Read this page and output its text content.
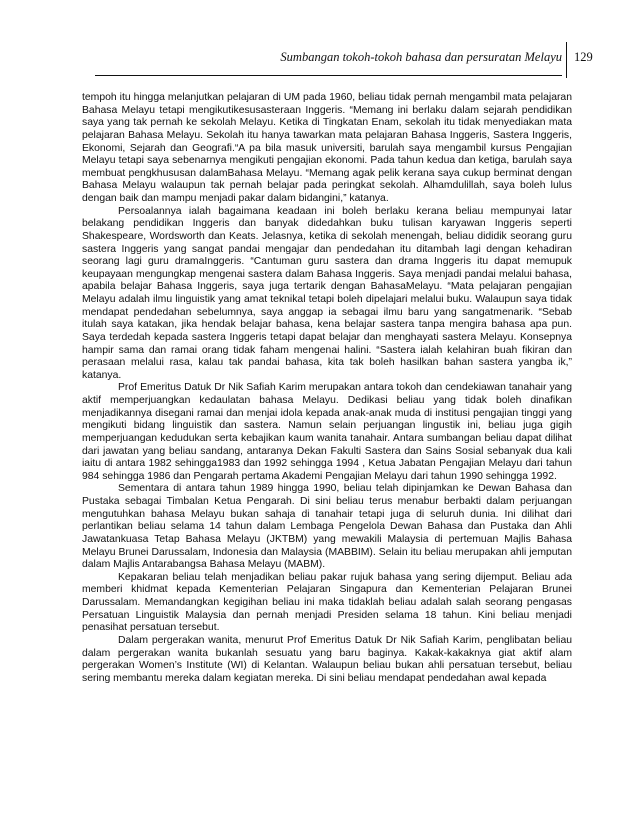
Sumbangan tokoh-tokoh bahasa dan persuratan Melayu 129

tempoh itu hingga melanjutkan pelajaran di UM pada 1960, beliau tidak pernah mengambil mata pelajaran Bahasa Melayu tetapi mengikutikesusasteraan Inggeris. “Memang ini berlaku dalam sejarah pendidikan saya yang tak pernah ke sekolah Melayu. Ketika di Tingkatan Enam, sekolah itu tidak menyediakan mata pelajaran Bahasa Melayu. Sekolah itu hanya tawarkan mata pelajaran Bahasa Inggeris, Sastera Inggeris, Ekonomi, Sejarah dan Geografi.“A pa bila masuk universiti, barulah saya mengambil kursus Pengajian Melayu tetapi saya sebenarnya mengikuti pengajian ekonomi. Pada tahun kedua dan ketiga, barulah saya membuat pengkhususan dalamBahasa Melayu. “Memang agak pelik kerana saya cukup berminat dengan Bahasa Melayu walaupun tak pernah belajar pada peringkat sekolah. Alhamdulillah, saya boleh lulus dengan baik dan mampu menjadi pakar dalam bidangini,” katanya.

Persoalannya ialah bagaimana keadaan ini boleh berlaku kerana beliau mempunyai latar belakang pendidikan Inggeris dan banyak didedahkan buku tulisan karyawan Inggeris seperti Shakespeare, Wordsworth dan Keats. Jelasnya, ketika di sekolah menengah, beliau dididik seorang guru sastera Inggeris yang sangat pandai mengajar dan pendedahan itu ditambah lagi dengan kehadiran seorang lagi guru dramaInggeris. “Cantuman guru sastera dan drama Inggeris itu dapat memupuk keupayaan mengungkap mengenai sastera dalam Bahasa Inggeris. Saya menjadi pandai melalui bahasa, apabila belajar Bahasa Inggeris, saya juga tertarik dengan BahasaMelayu. “Mata pelajaran pengajian Melayu adalah ilmu linguistik yang amat teknikal tetapi boleh dipelajari melalui buku. Walaupun saya tidak mendapat pendedahan sebelumnya, saya anggap ia sebagai ilmu baru yang sangatmenarik. “Sebab itulah saya katakan, jika hendak belajar bahasa, kena belajar sastera tanpa mengira bahasa apa pun. Saya terdedah kepada sastera Inggeris tetapi dapat belajar dan menghayati sastera Melayu. Konsepnya hampir sama dan ramai orang tidak faham mengenai halini. “Sastera ialah kelahiran buah fikiran dan perasaan melalui rasa, kalau tak pandai bahasa, kita tak boleh hasilkan bahan sastera yangba ik,” katanya.

Prof Emeritus Datuk Dr Nik Safiah Karim merupakan antara tokoh dan cendekiawan tanahair yang aktif memperjuangkan kedaulatan bahasa Melayu. Dedikasi beliau yang tidak boleh dinafikan menjadikannya disegani ramai dan menjai idola kepada anak-anak muda di institusi pengajian tinggi yang mengikuti bidang linguistik dan sastera. Namun selain perjuangan lingustik ini, beliau juga gigih memperjuangan kedudukan serta kebajikan kaum wanita tanahair. Antara sumbangan beliau dapat dilihat dari jawatan yang beliau sandang, antaranya Dekan Fakulti Sastera dan Sains Sosial sebanyak dua kali iaitu di antara 1982 sehingga1983 dan 1992 sehingga 1994 , Ketua Jabatan Pengajian Melayu dari tahun 984 sehingga 1986 dan Pengarah pertama Akademi Pengajian Melayu dari tahun 1990 sehingga 1992.

Sementara di antara tahun 1989 hingga 1990, beliau telah dipinjamkan ke Dewan Bahasa dan Pustaka sebagai Timbalan Ketua Pengarah. Di sini beliau terus menabur berbakti dalam perjuangan mengutuhkan bahasa Melayu bukan sahaja di tanahair tetapi juga di seluruh dunia. Ini dilihat dari perlantikan beliau selama 14 tahun dalam Lembaga Pengelola Dewan Bahasa dan Pustaka dan Ahli Jawatankuasa Tetap Bahasa Melayu (JKTBM) yang mewakili Malaysia di pertemuan Majlis Bahasa Melayu Brunei Darussalam, Indonesia dan Malaysia (MABBIM). Selain itu beliau merupakan ahli jemputan dalam Majlis Antarabangsa Bahasa Melayu (MABM).

Kepakaran beliau telah menjadikan beliau pakar rujuk bahasa yang sering dijemput. Beliau ada memberi khidmat kepada Kementerian Pelajaran Singapura dan Kementerian Pelajaran Brunei Darussalam. Memandangkan kegigihan beliau ini maka tidaklah beliau adalah salah seorang pengasas Persatuan Linguistik Malaysia dan pernah menjadi Presiden selama 18 tahun. Kini beliau menjadi penasihat persatuan tersebut.

Dalam pergerakan wanita, menurut Prof Emeritus Datuk Dr Nik Safiah Karim, penglibatan beliau dalam pergerakan wanita bukanlah sesuatu yang baru baginya. Kakak-kakaknya giat aktif alam pergerakan Women’s Institute (WI) di Kelantan. Walaupun beliau bukan ahli persatuan tersebut, beliau sering membantu mereka dalam kegiatan mereka. Di sini beliau mendapat pendedahan awal kepada
